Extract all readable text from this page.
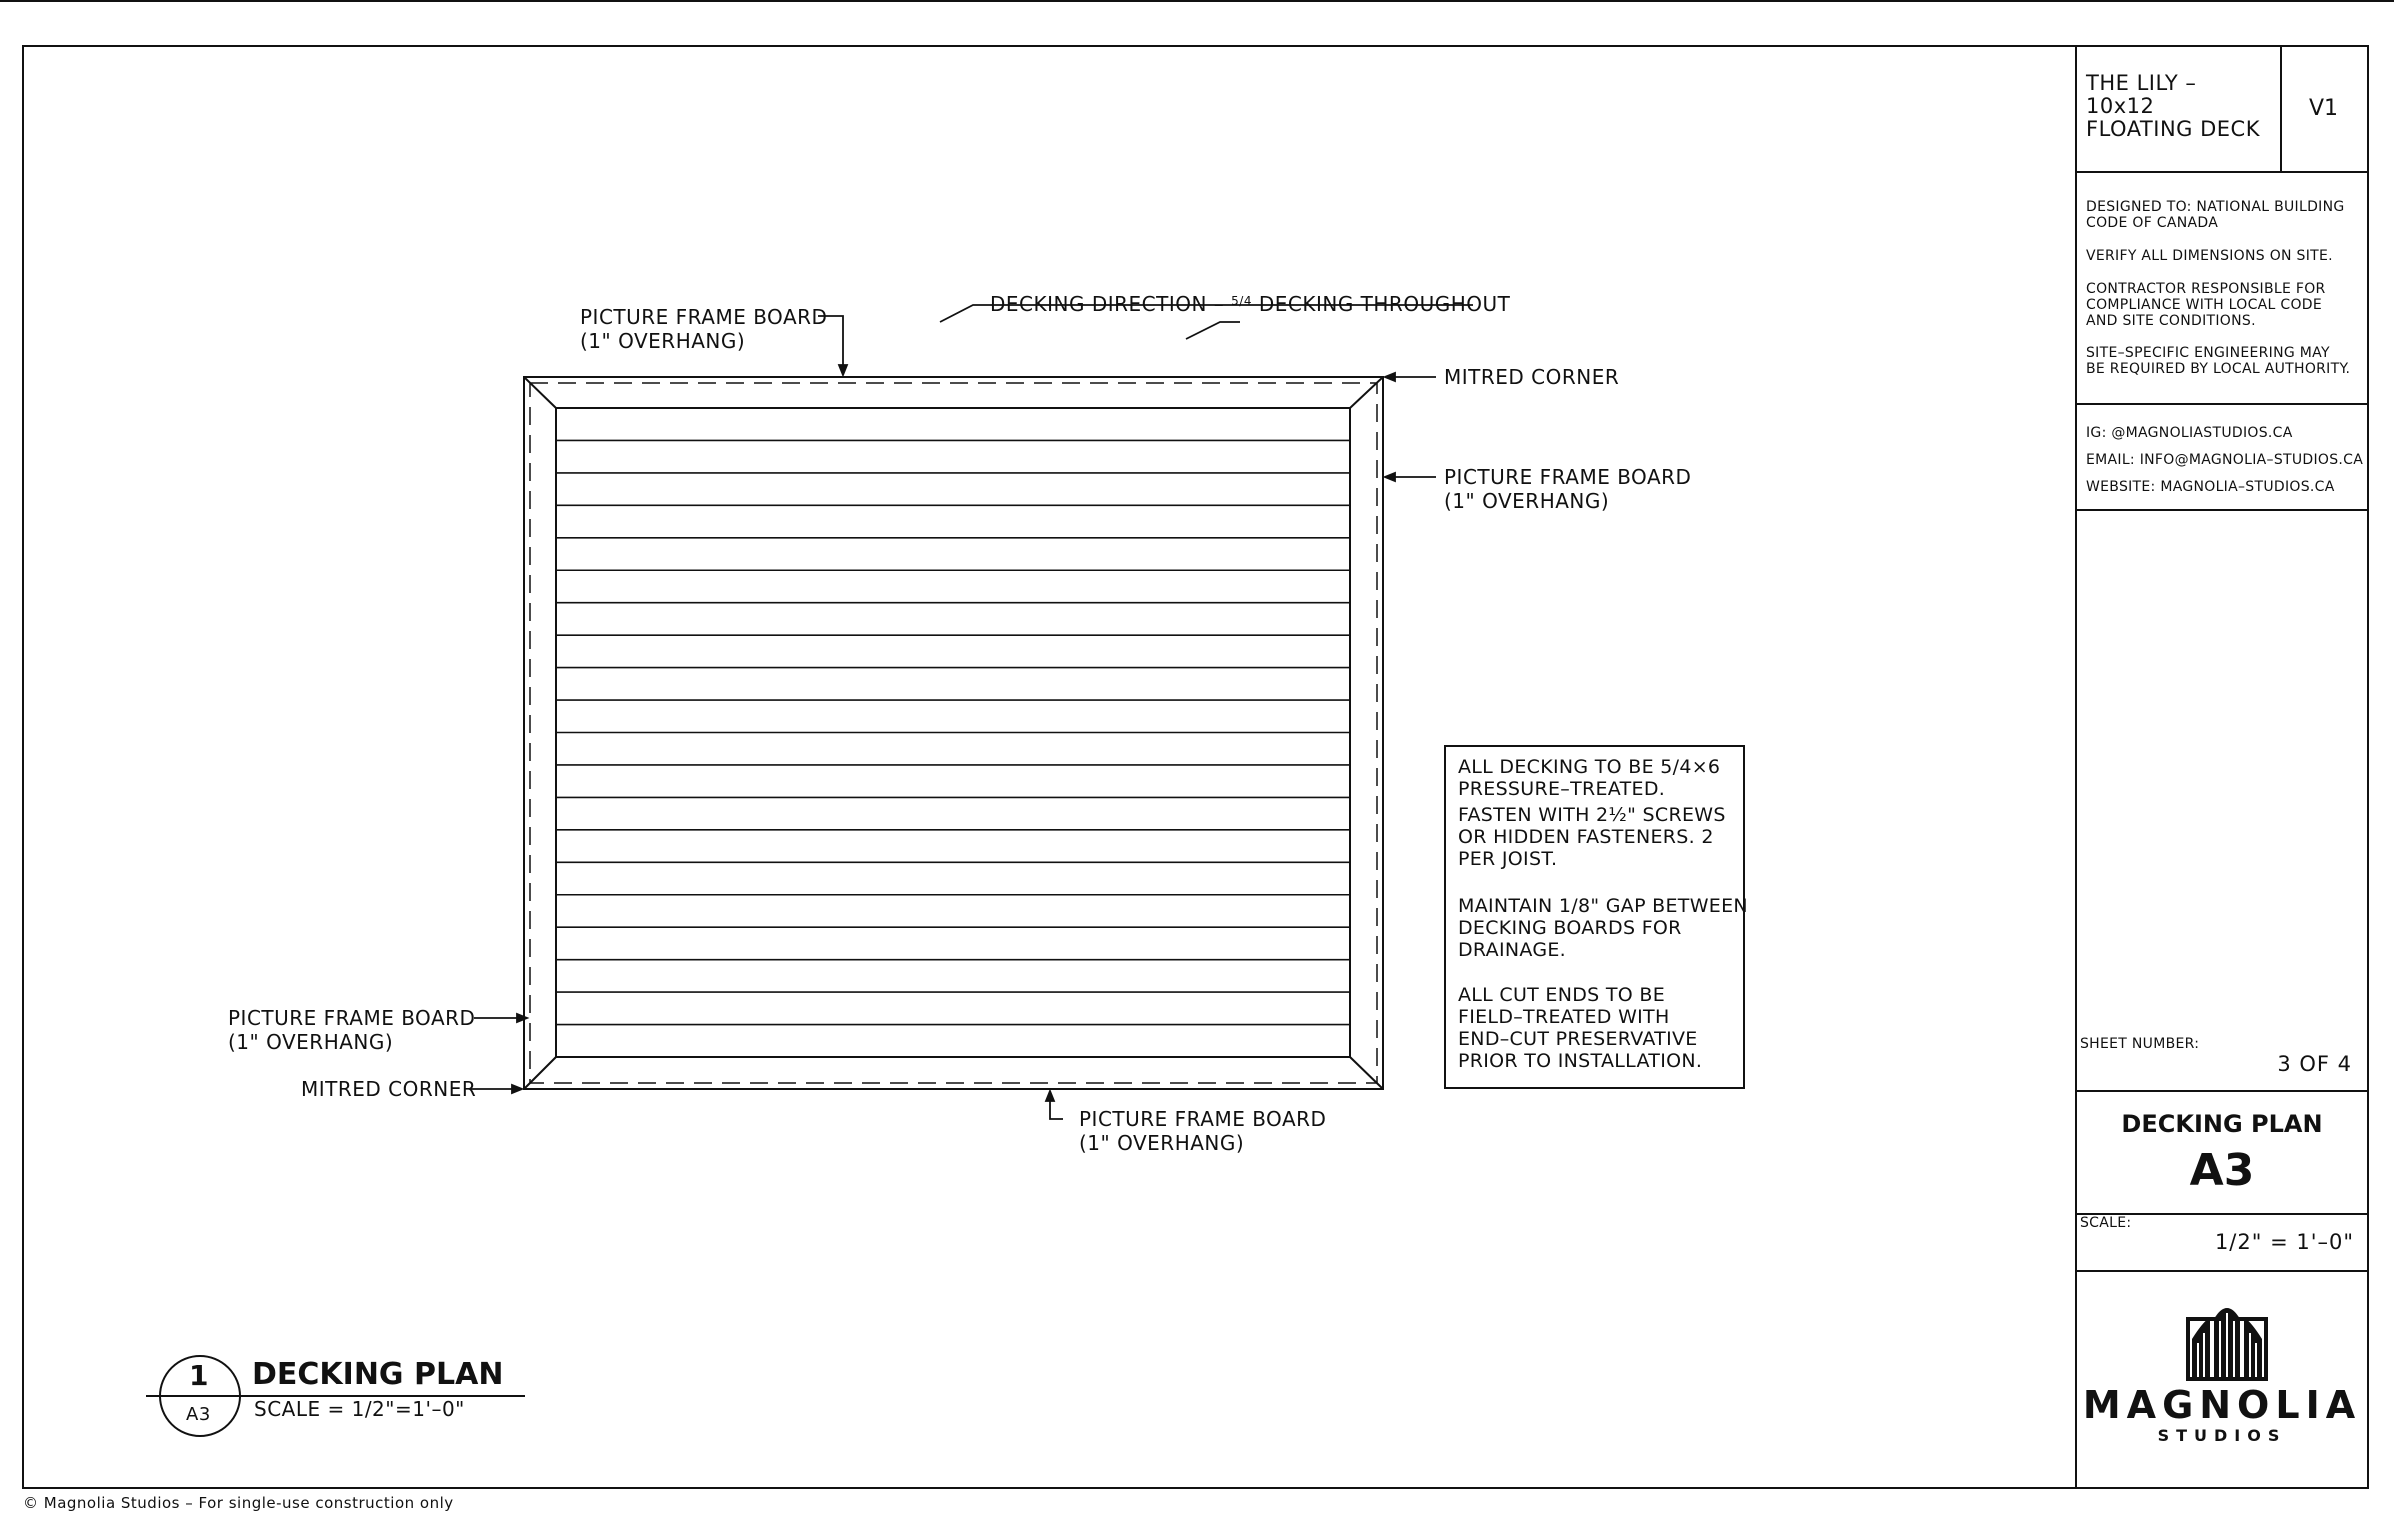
PICTURE FRAME BOARD
(1" OVERHANG)
DECKING DIRECTION – $^{5/4}$ DECKING THROUGHOUT
MITRED CORNER
PICTURE FRAME BOARD
(1" OVERHANG)
PICTURE FRAME BOARD
(1" OVERHANG)
MITRED CORNER
PICTURE FRAME BOARD
(1" OVERHANG)
ALL DECKING TO BE 5/4×6
PRESSURE–TREATED.
FASTEN WITH 2½" SCREWS
OR HIDDEN FASTENERS. 2
PER JOIST.
MAINTAIN 1/8" GAP BETWEEN
DECKING BOARDS FOR
DRAINAGE.
ALL CUT ENDS TO BE
FIELD–TREATED WITH
END–CUT PRESERVATIVE
PRIOR TO INSTALLATION.
1
A3
DECKING PLAN
SCALE = 1/2"=1'–0"
© Magnolia Studios – For single-use construction only
THE LILY –
10x12
FLOATING DECK
V1
DESIGNED TO: NATIONAL BUILDING
CODE OF CANADA
VERIFY ALL DIMENSIONS ON SITE.
CONTRACTOR RESPONSIBLE FOR
COMPLIANCE WITH LOCAL CODE
AND SITE CONDITIONS.
SITE–SPECIFIC ENGINEERING MAY
BE REQUIRED BY LOCAL AUTHORITY.
IG: @MAGNOLIASTUDIOS.CA
EMAIL: INFO@MAGNOLIA–STUDIOS.CA
WEBSITE: MAGNOLIA–STUDIOS.CA
SHEET NUMBER:
3 OF 4
DECKING PLAN
A3
SCALE:
1/2" = 1'–0"
MAGNOLIA
STUDIOS
